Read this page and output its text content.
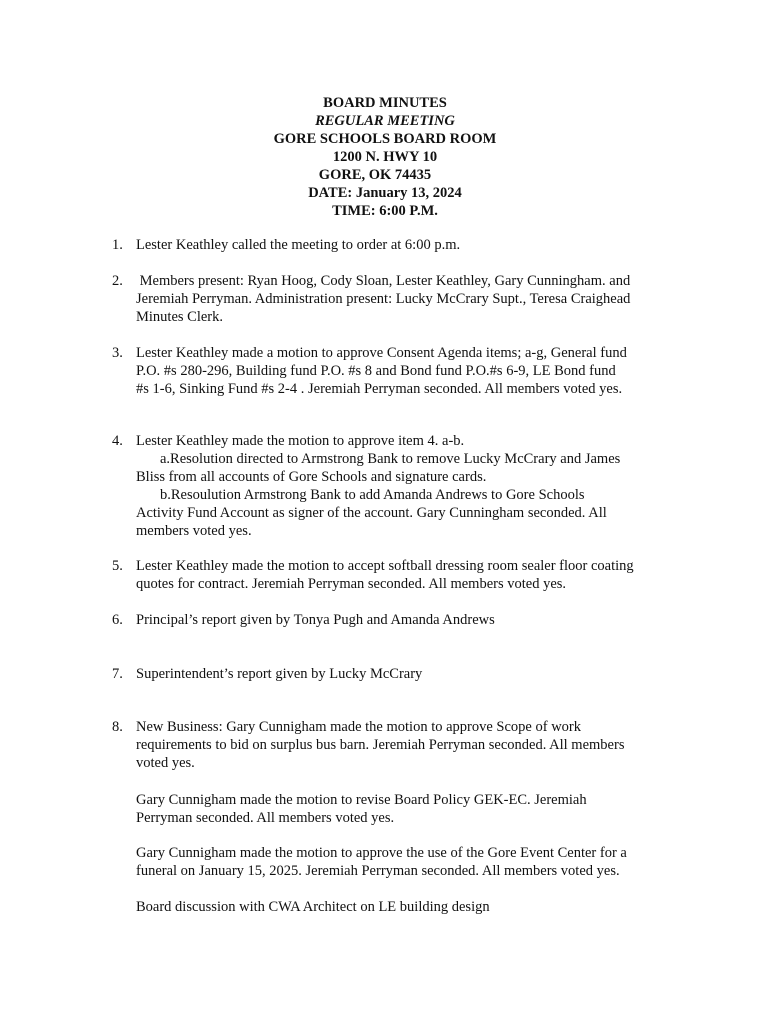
BOARD MINUTES
REGULAR MEETING
GORE SCHOOLS BOARD ROOM
1200 N. HWY 10
GORE, OK 74435
DATE: January 13, 2024
TIME: 6:00 P.M.
1. Lester Keathley called the meeting to order at 6:00 p.m.
2. Members present: Ryan Hoog, Cody Sloan, Lester Keathley, Gary Cunningham. and
Jeremiah Perryman. Administration present: Lucky McCrary Supt., Teresa Craighead
Minutes Clerk.
3. Lester Keathley made a motion to approve Consent Agenda items; a-g, General fund
P.O. #s 280-296, Building fund P.O. #s 8 and Bond fund P.O.#s 6-9, LE Bond fund
#s 1-6, Sinking Fund #s 2-4 . Jeremiah Perryman seconded. All members voted yes.
4. Lester Keathley made the motion to approve item 4. a-b.
a.Resolution directed to Armstrong Bank to remove Lucky McCrary and James
Bliss from all accounts of Gore Schools and signature cards.
b.Resoulution Armstrong Bank to add Amanda Andrews to Gore Schools
Activity Fund Account as signer of the account. Gary Cunningham seconded. All
members voted yes.
5. Lester Keathley made the motion to accept softball dressing room sealer floor coating
quotes for contract. Jeremiah Perryman seconded. All members voted yes.
6. Principal’s report given by Tonya Pugh and Amanda Andrews
7. Superintendent’s report given by Lucky McCrary
8. New Business: Gary Cunnigham made the motion to approve Scope of work
requirements to bid on surplus bus barn. Jeremiah Perryman seconded. All members
voted yes.
Gary Cunnigham made the motion to revise Board Policy GEK-EC. Jeremiah
Perryman seconded. All members voted yes.
Gary Cunnigham made the motion to approve the use of the Gore Event Center for a
funeral on January 15, 2025. Jeremiah Perryman seconded. All members voted yes.
Board discussion with CWA Architect on LE building design
